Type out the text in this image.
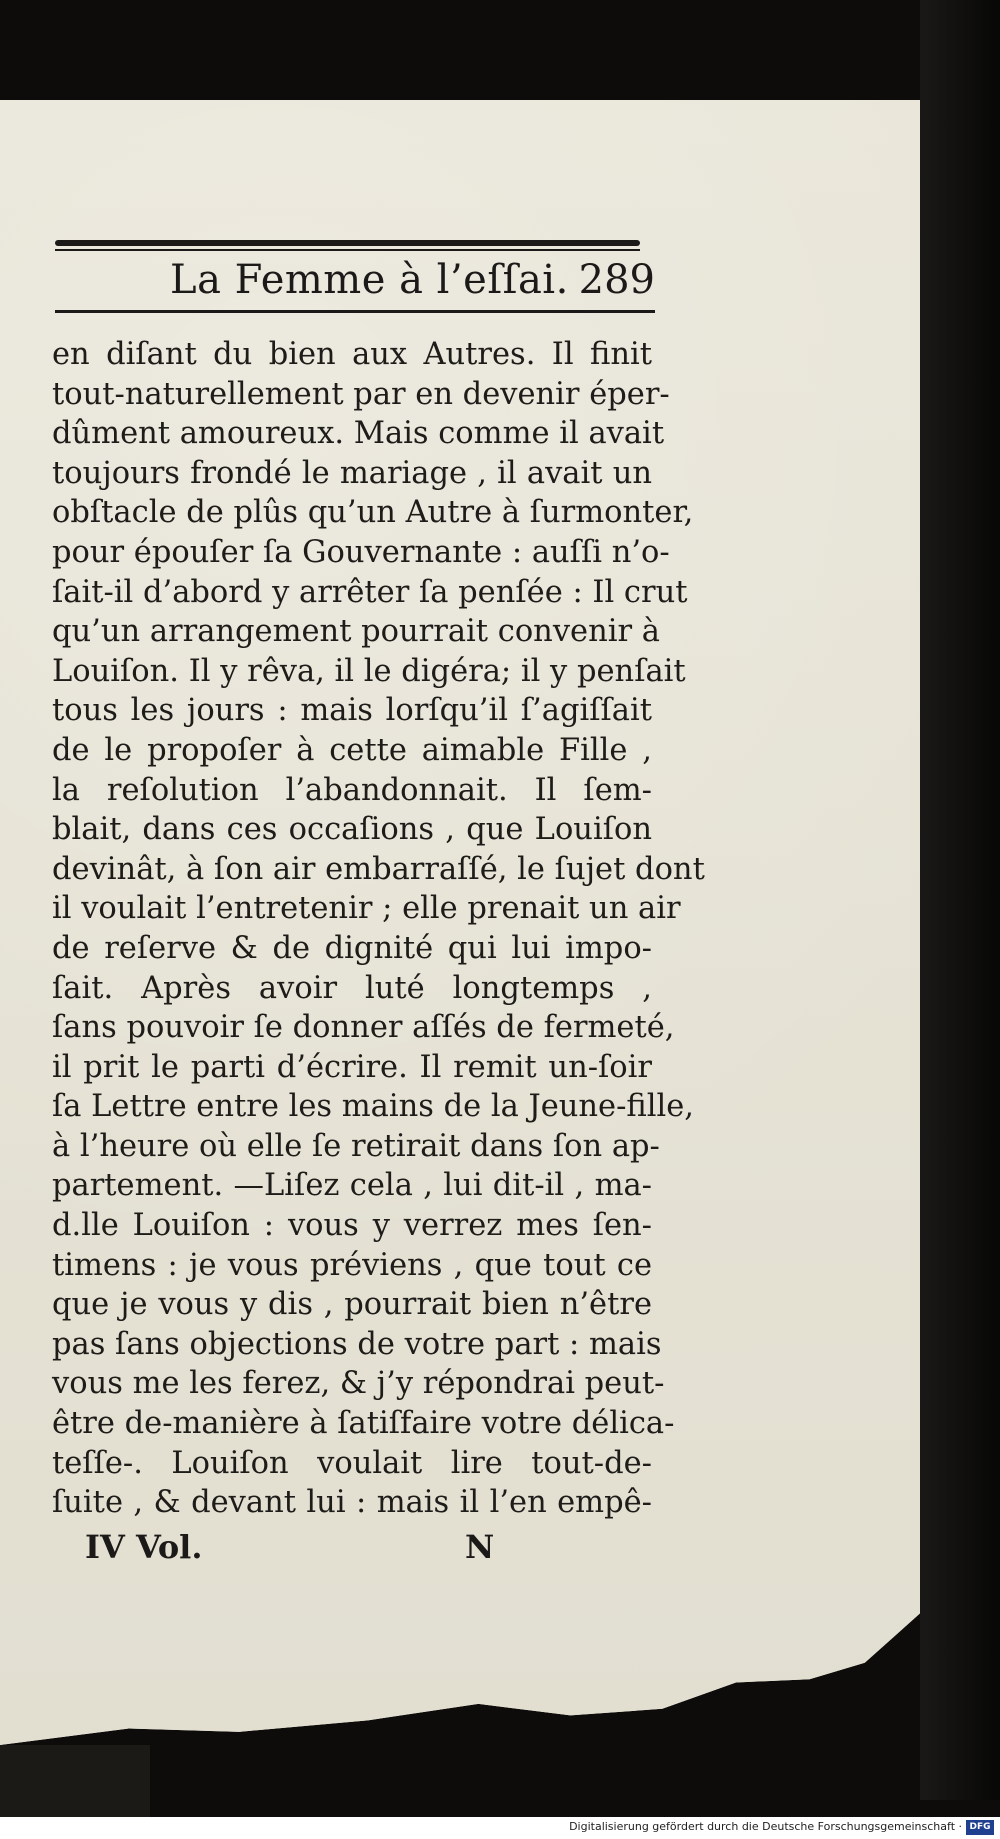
La Femme à l’eſſai. 289
en diſant du bien aux Autres. Il finit
tout-naturellement par en devenir éper-
dûment amoureux. Mais comme il avait
toujours frondé le mariage , il avait un
obſtacle de plûs qu’un Autre à ſurmonter,
pour épouſer ſa Gouvernante : auſſi n’o-
ſait-il d’abord y arrêter ſa penſée : Il crut
qu’un arrangement pourrait convenir à
Louiſon. Il y rêva, il le digéra; il y penſait
tous les jours : mais lorſqu’il ſ’agiſſait
de le propoſer à cette aimable Fille ,
la reſolution l’abandonnait. Il ſem-
blait, dans ces occaſions , que Louiſon
devinât, à ſon air embarraſſé, le ſujet dont
il voulait l’entretenir ; elle prenait un air
de reſerve & de dignité qui lui impo-
ſait. Après avoir luté longtemps ,
ſans pouvoir ſe donner aſſés de fermeté,
il prit le parti d’écrire. Il remit un-ſoir
ſa Lettre entre les mains de la Jeune-fille,
à l’heure où elle ſe retirait dans ſon ap-
partement. —Liſez cela , lui dit-il , ma-
d.lle Louiſon : vous y verrez mes ſen-
timens : je vous préviens , que tout ce
que je vous y dis , pourrait bien n’être
pas ſans objections de votre part : mais
vous me les ferez, & j’y répondrai peut-
être de-manière à ſatiſfaire votre délica-
teſſe-. Louiſon voulait lire tout-de-
ſuite , & devant lui : mais il l’en empê-
IV Vol.	N
Digitalisierung gefördert durch die Deutsche Forschungsgemeinschaft · DFG
